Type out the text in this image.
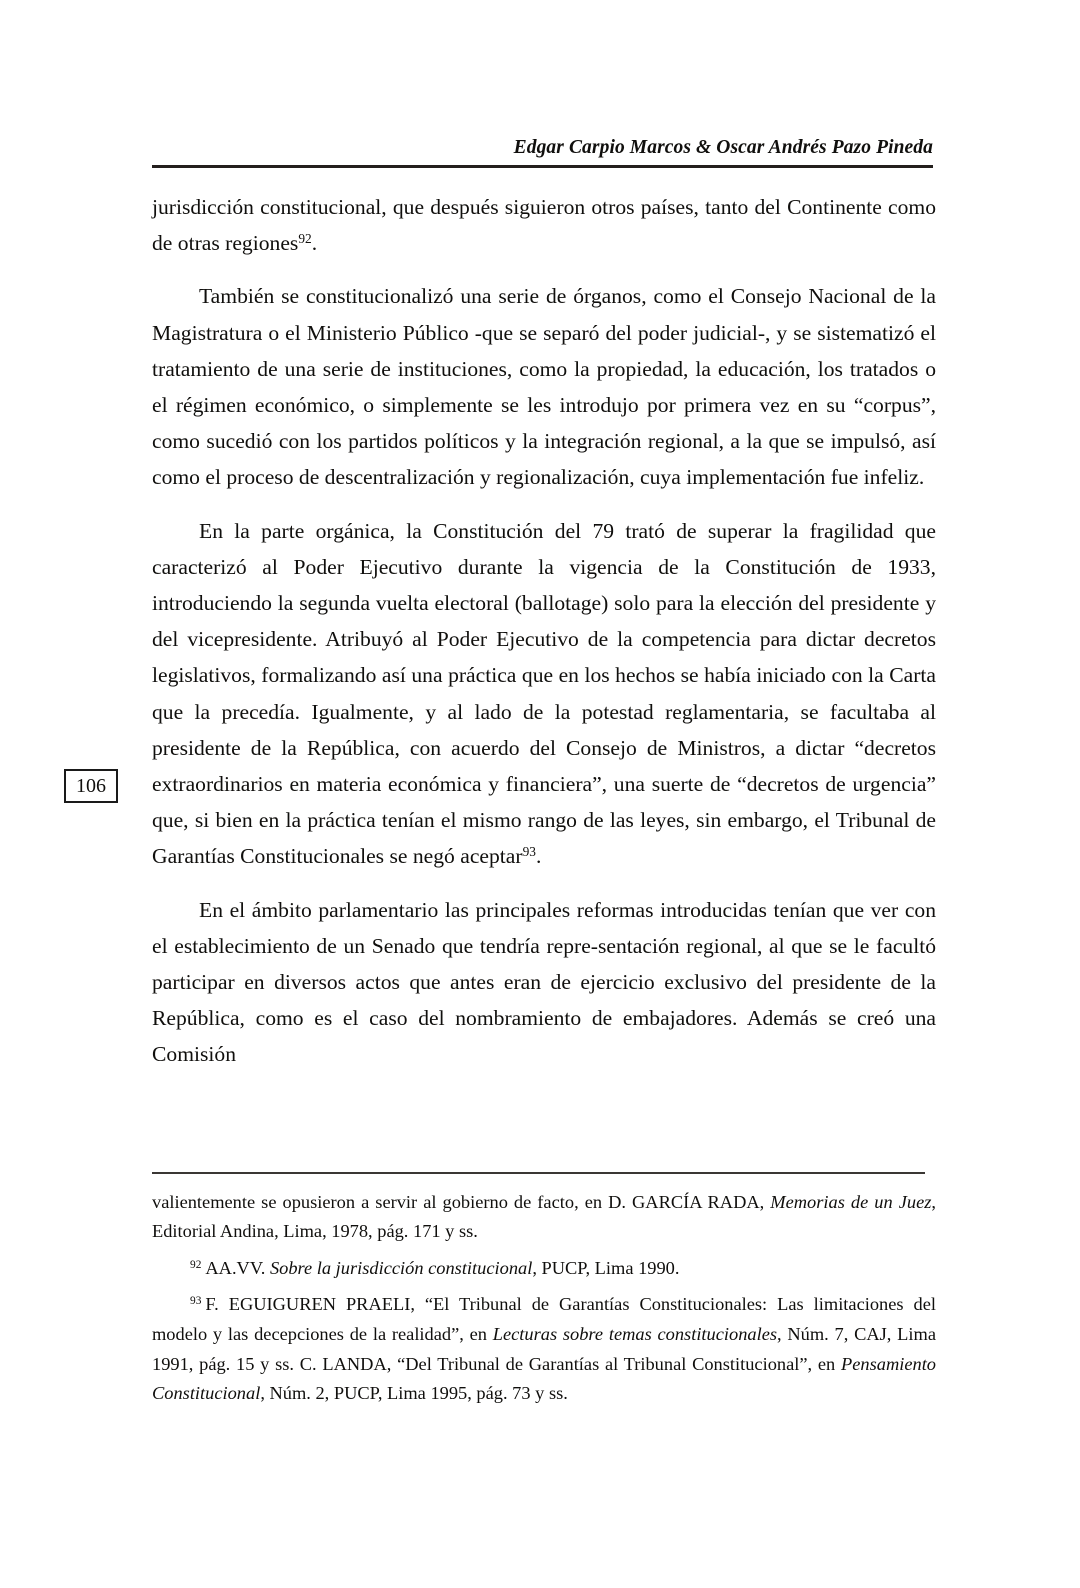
Edgar Carpio Marcos & Oscar Andrés Pazo Pineda
106

jurisdicción constitucional, que después siguieron otros países, tanto del Continente como de otras regiones$^{92}$.

También se constitucionalizó una serie de órganos, como el Consejo Nacional de la Magistratura o el Ministerio Público -que se separó del poder judicial-, y se sistematizó el tratamiento de una serie de instituciones, como la propiedad, la educación, los tratados o el régimen económico, o simplemente se les introdujo por primera vez en su “corpus”, como sucedió con los partidos políticos y la integración regional, a la que se impulsó, así como el proceso de descentralización y regionalización, cuya implementación fue infeliz.

En la parte orgánica, la Constitución del 79 trató de superar la fragilidad que caracterizó al Poder Ejecutivo durante la vigencia de la Constitución de 1933, introduciendo la segunda vuelta electoral (ballotage) solo para la elección del presidente y del vicepresidente. Atribuyó al Poder Ejecutivo de la competencia para dictar decretos legislativos, formalizando así una práctica que en los hechos se había iniciado con la Carta que la precedía. Igualmente, y al lado de la potestad reglamentaria, se facultaba al presidente de la República, con acuerdo del Consejo de Ministros, a dictar “decretos extraordinarios en materia económica y financiera”, una suerte de “decretos de urgencia” que, si bien en la práctica tenían el mismo rango de las leyes, sin embargo, el Tribunal de Garantías Constitucionales se negó aceptar$^{93}$.

En el ámbito parlamentario las principales reformas introducidas tenían que ver con el establecimiento de un Senado que tendría repre-sentación regional, al que se le facultó participar en diversos actos que antes eran de ejercicio exclusivo del presidente de la República, como es el caso del nombramiento de embajadores. Además se creó una Comisión

valientemente se opusieron a servir al gobierno de facto, en D. GARCÍA RADA, Memorias de un Juez, Editorial Andina, Lima, 1978, pág. 171 y ss.

$^{92}$ AA.VV. Sobre la jurisdicción constitucional, PUCP, Lima 1990.

$^{93}$ F. EGUIGUREN PRAELI, “El Tribunal de Garantías Constitucionales: Las limitaciones del modelo y las decepciones de la realidad”, en Lecturas sobre temas constitucionales, Núm. 7, CAJ, Lima 1991, pág. 15 y ss. C. LANDA, “Del Tribunal de Garantías al Tribunal Constitucional”, en Pensamiento Constitucional, Núm. 2, PUCP, Lima 1995, pág. 73 y ss.
